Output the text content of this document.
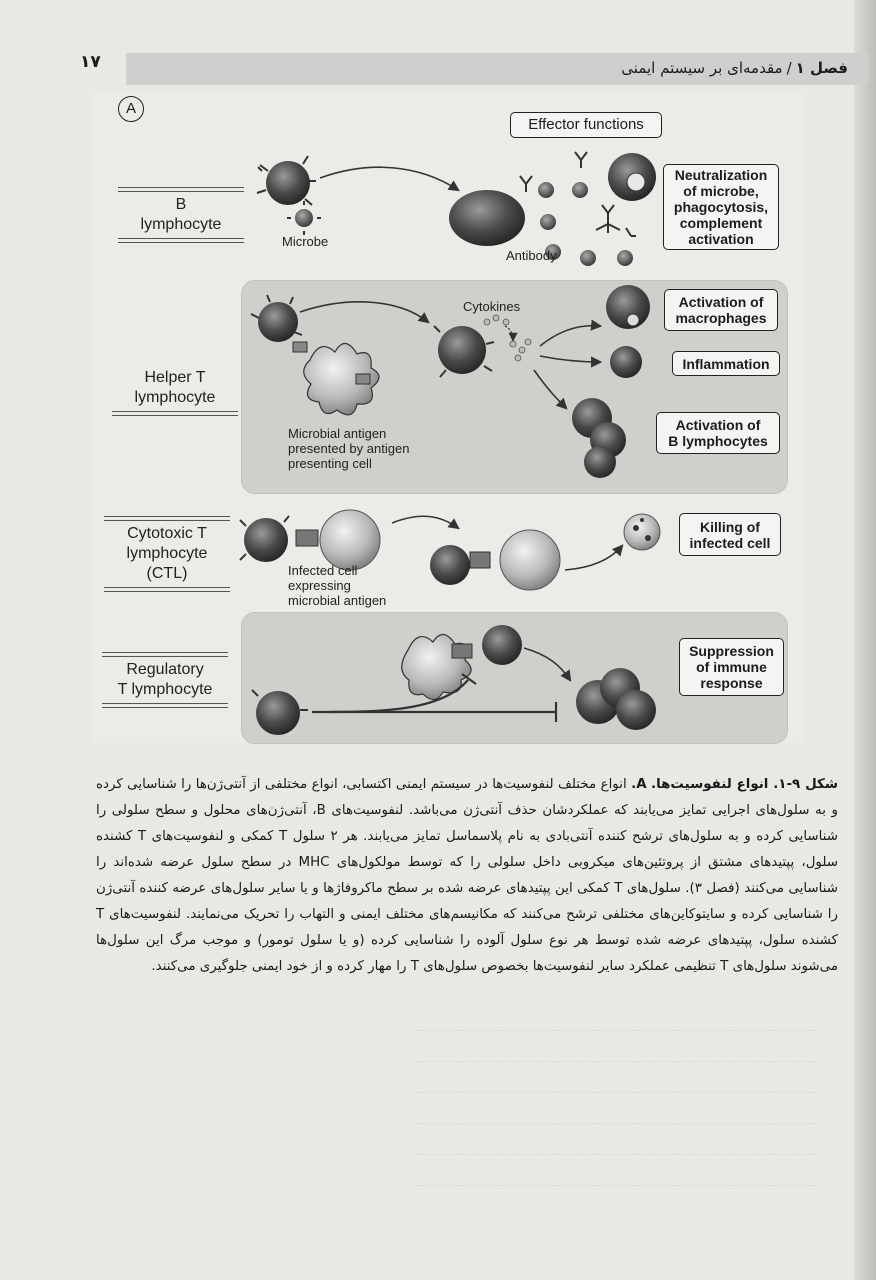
فصل ۱/مقدمه‌ای بر سیستم ایمنی
۱۷
A
Effector functions
B
lymphocyte
Helper T
lymphocyte
Cytotoxic T
lymphocyte
(CTL)
Regulatory
T lymphocyte
Microbe
Antibody
Cytokines
Microbial antigen
presented by antigen
presenting cell
Infected cell
expressing
microbial antigen
Neutralization
of microbe,
phagocytosis,
complement
activation
Activation of
macrophages
Inflammation
Activation of
B lymphocytes
Killing of
infected cell
Suppression
of immune
response
شکل ۹-۱. انواع لنفوسیت‌ها. A. انواع مختلف لنفوسیت‌ها در سیستم ایمنی اکتسابی، انواع مختلفی از آنتی‌ژن‌ها را شناسایی کرده و به سلول‌های اجرایی تمایز می‌یابند که عملکردشان حذف آنتی‌ژن می‌باشد. لنفوسیت‌های B، آنتی‌ژن‌های محلول و سطح سلولی را شناسایی کرده و به سلول‌های ترشح کننده آنتی‌بادی به نام پلاسماسل تمایز می‌یابند. هر ۲ سلول T کمکی و لنفوسیت‌های T کشنده سلول، پپتیدهای مشتق از پروتئین‌های میکروبی داخل سلولی را که توسط مولکول‌های MHC در سطح سلول عرضه شده‌اند را شناسایی می‌کنند (فصل ۳). سلول‌های T کمکی این پپتیدهای عرضه شده بر سطح ماکروفاژها و یا سایر سلول‌های عرضه کننده آنتی‌ژن را شناسایی کرده و سایتوکاین‌های مختلفی ترشح می‌کنند که مکانیسم‌های مختلف ایمنی و التهاب را تحریک می‌نمایند. لنفوسیت‌های T کشنده سلول، پپتیدهای عرضه شده توسط هر نوع سلول آلوده را شناسایی کرده (و یا سلول تومور) و موجب مرگ این سلول‌ها می‌شوند سلول‌های T تنظیمی عملکرد سایر لنفوسیت‌ها بخصوص سلول‌های T را مهار کرده و از خود ایمنی جلوگیری می‌کنند.
